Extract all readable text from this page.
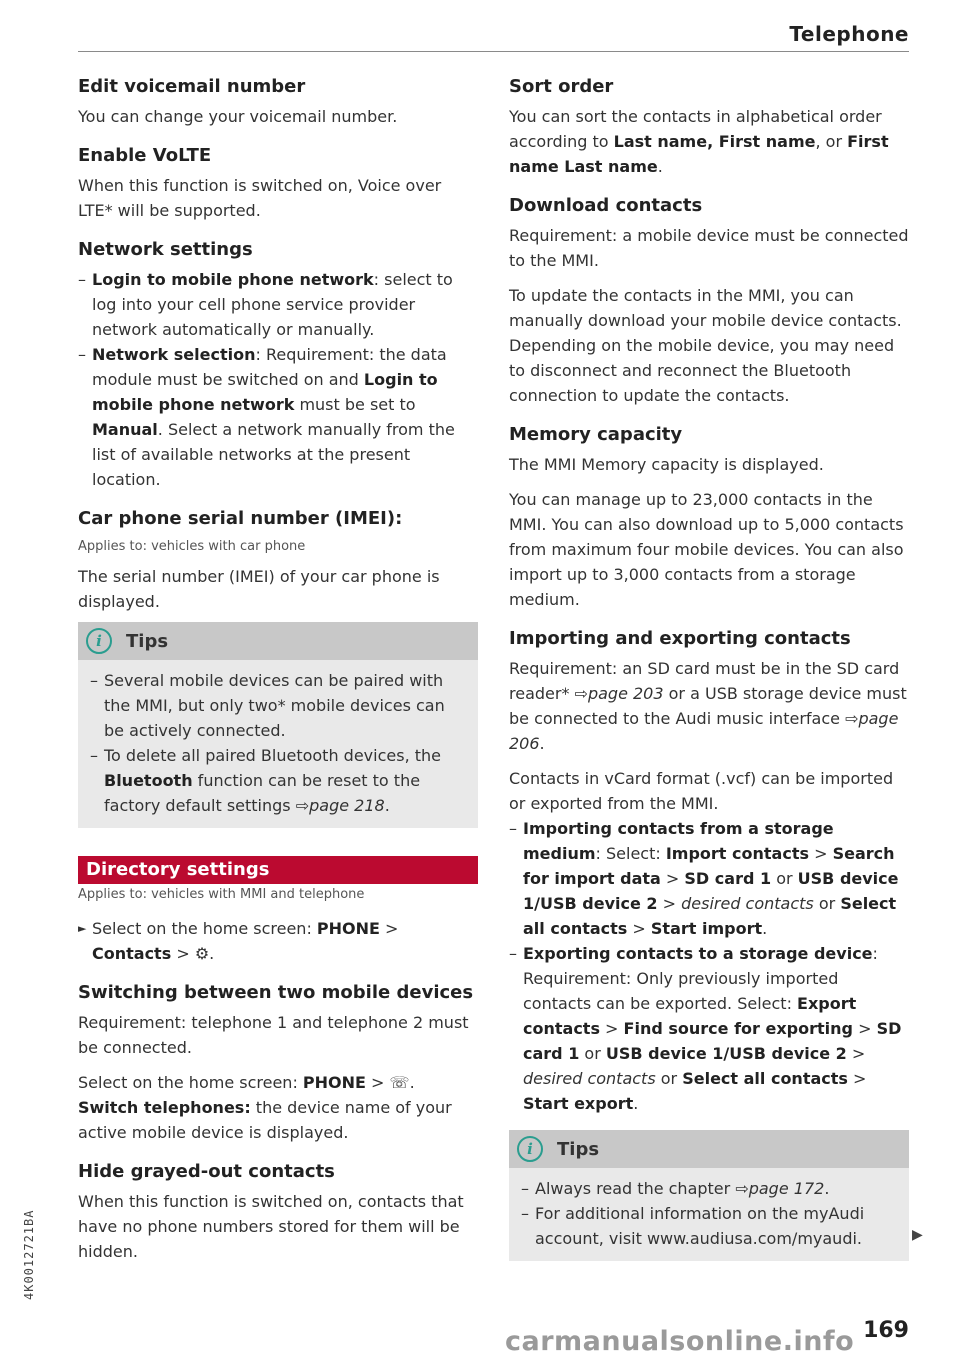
Telephone
Edit voicemail number

You can change your voicemail number.

Enable VoLTE

When this function is switched on, Voice over LTE* will be supported.

Network settings
– Login to mobile phone network: select to log into your cell phone service provider network automatically or manually.
– Network selection: Requirement: the data module must be switched on and Login to mobile phone network must be set to Manual. Select a network manually from the list of available networks at the present location.
Car phone serial number (IMEI):

Applies to: vehicles with car phone

The serial number (IMEI) of your car phone is displayed.

i	Tips
– Several mobile devices can be paired with the MMI, but only two* mobile devices can be actively connected.
– To delete all paired Bluetooth devices, the Bluetooth function can be reset to the factory default settings ⇨page 218.
Directory settings

Applies to: vehicles with MMI and telephone

► Select on the home screen: PHONE > Contacts > ⚙.
Switching between two mobile devices

Requirement: telephone 1 and telephone 2 must be connected.

Select on the home screen: PHONE > ☏. Switch telephones: the device name of your active mobile device is displayed.

Hide grayed-out contacts

When this function is switched on, contacts that have no phone numbers stored for them will be hidden.

Sort order

You can sort the contacts in alphabetical order according to Last name, First name, or First name Last name.

Download contacts

Requirement: a mobile device must be connected to the MMI.

To update the contacts in the MMI, you can manually download your mobile device contacts. Depending on the mobile device, you may need to disconnect and reconnect the Bluetooth connection to update the contacts.

Memory capacity

The MMI Memory capacity is displayed.

You can manage up to 23,000 contacts in the MMI. You can also download up to 5,000 contacts from maximum four mobile devices. You can also import up to 3,000 contacts from a storage medium.

Importing and exporting contacts

Requirement: an SD card must be in the SD card reader* ⇨page 203 or a USB storage device must be connected to the Audi music interface ⇨page 206.

Contacts in vCard format (.vcf) can be imported or exported from the MMI.

– Importing contacts from a storage medium: Select: Import contacts > Search for import data > SD card 1 or USB device 1/USB device 2 > desired contacts or Select all contacts > Start import.
– Exporting contacts to a storage device: Requirement: Only previously imported contacts can be exported. Select: Export contacts > Find source for exporting > SD card 1 or USB device 1/USB device 2 > desired contacts or Select all contacts > Start export.
i	Tips
– Always read the chapter ⇨page 172.
– For additional information on the myAudi account, visit www.audiusa.com/myaudi.	▶
4K0012721BA
carmanualsonline.info 169
